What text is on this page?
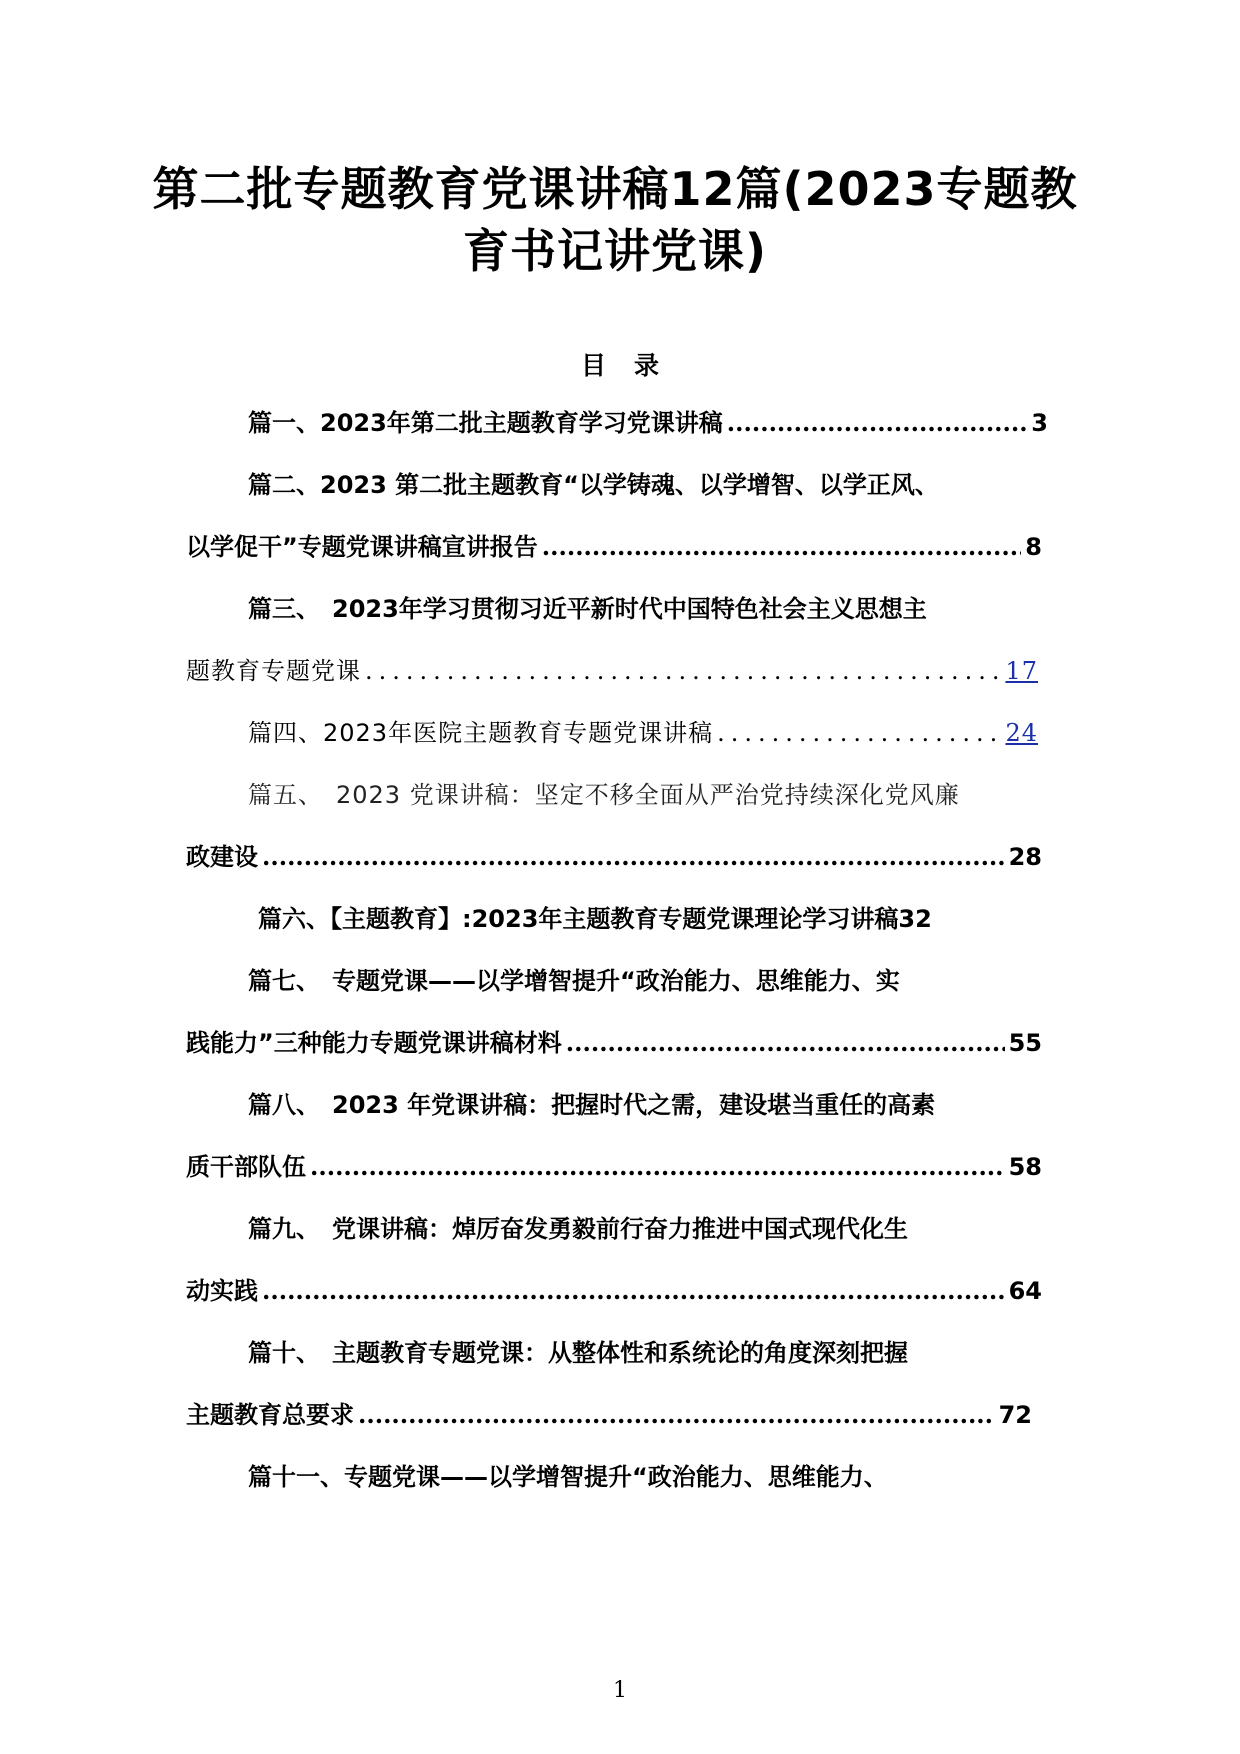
第二批专题教育党课讲稿12篇(2023专题教
育书记讲党课)
目 录
篇一、2023年第二批主题教育学习党课讲稿 .....	3
篇二、2023 第二批主题教育“以学铸魂、以学增智、以学正风、
以学促干”专题党课讲稿宣讲报告 .....	8
篇三、　2023年学习贯彻习近平新时代中国特色社会主义思想主
题教育专题党课 .....	17
篇四、2023年医院主题教育专题党课讲稿 .....	24
篇五、　2023 党课讲稿：坚定不移全面从严治党持续深化党风廉
政建设 .....	28
篇六、【主题教育】:2023年主题教育专题党课理论学习讲稿32
篇七、　专题党课——以学增智提升“政治能力、思维能力、实
践能力”三种能力专题党课讲稿材料 .....	55
篇八、　2023 年党课讲稿：把握时代之需，建设堪当重任的高素
质干部队伍 .....	58
篇九、　党课讲稿：焯厉奋发勇毅前行奋力推进中国式现代化生
动实践 .....	64
篇十、　主题教育专题党课：从整体性和系统论的角度深刻把握
主题教育总要求 .....	72
篇十一、专题党课——以学增智提升“政治能力、思维能力、
1
